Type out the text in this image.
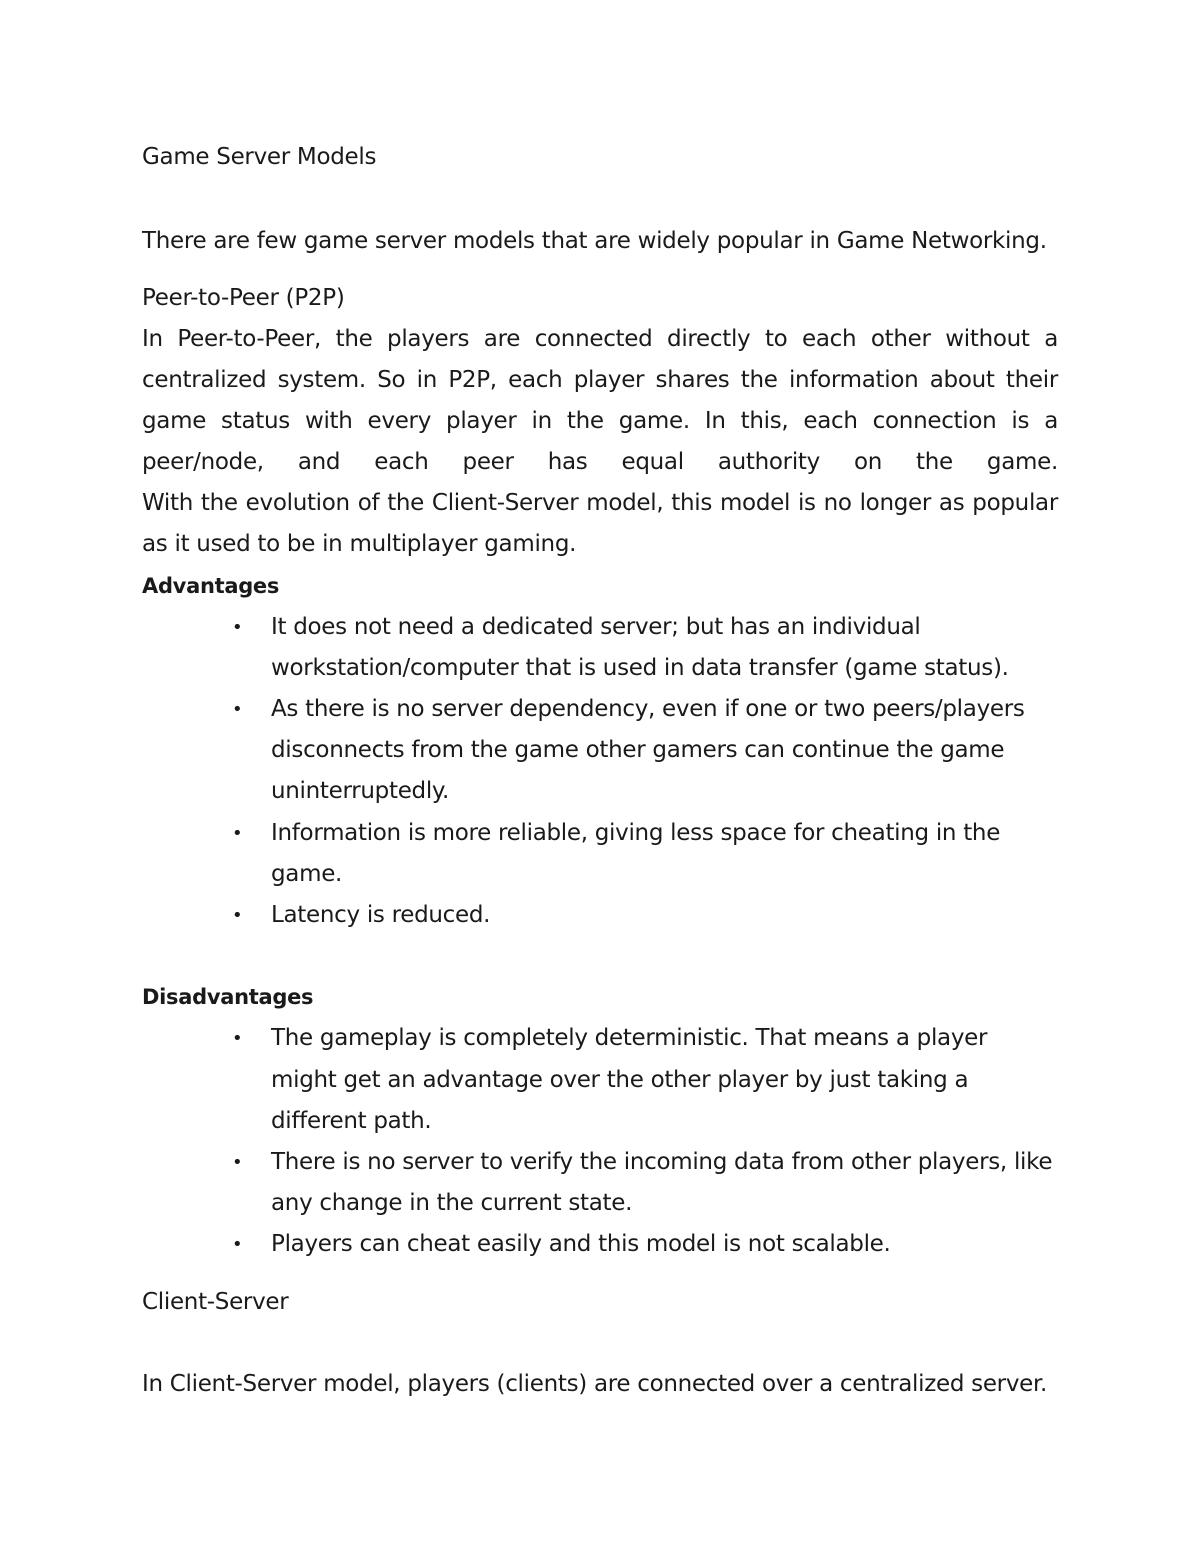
Game Server Models
There are few game server models that are widely popular in Game Networking.
Peer-to-Peer (P2P)
In Peer-to-Peer, the players are connected directly to each other without a
centralized system. So in P2P, each player shares the information about their
game status with every player in the game. In this, each connection is a
peer/node, and each peer has equal authority on the game.
With the evolution of the Client-Server model, this model is no longer as popular
as it used to be in multiplayer gaming.
Advantages
• It does not need a dedicated server; but has an individual
workstation/computer that is used in data transfer (game status).
• As there is no server dependency, even if one or two peers/players
disconnects from the game other gamers can continue the game
uninterruptedly.
• Information is more reliable, giving less space for cheating in the
game.
• Latency is reduced.
Disadvantages
• The gameplay is completely deterministic. That means a player
might get an advantage over the other player by just taking a
different path.
• There is no server to verify the incoming data from other players, like
any change in the current state.
• Players can cheat easily and this model is not scalable.
Client-Server
In Client-Server model, players (clients) are connected over a centralized server.
